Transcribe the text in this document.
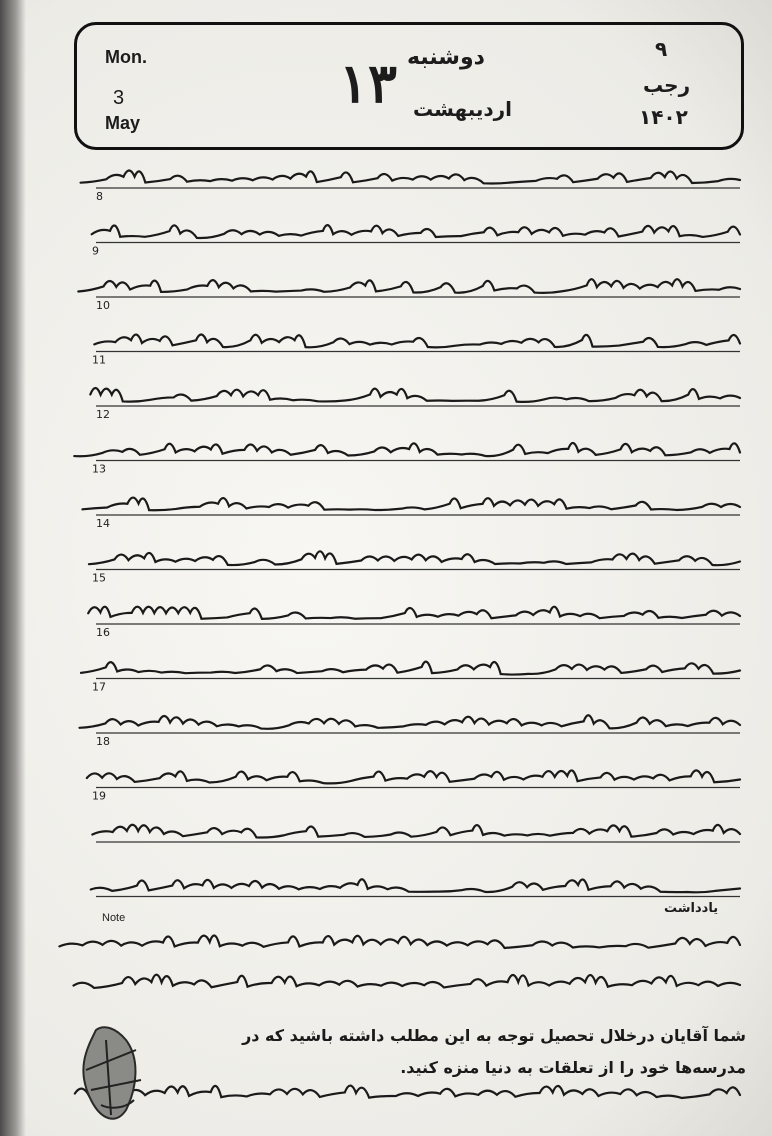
Mon.
3
May
۱۳ دوشنبه
اردیبهشت
۹
رجب
۱۴۰۲
8
9
10
11
12
13
14
15
16
17
18
19
یادداشت
Note
شما آقایان درخلال تحصیل توجه به این مطلب داشته باشید که در
مدرسه‌ها خود را از تعلقات به دنیا منزه کنید.
